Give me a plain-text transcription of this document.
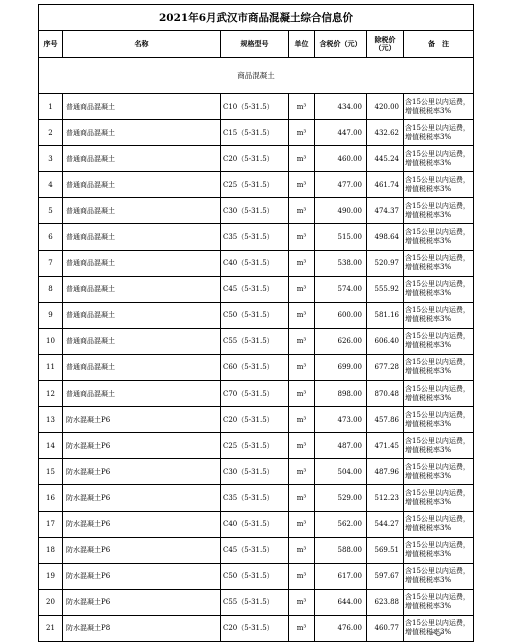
2021年6月武汉市商品混凝土综合信息价						
序号	名称	规格型号	单位	含税价（元）	除税价（元）	备　注
商品混凝土						
1	普通商品混凝土	C10（5-31.5）	m³	434.00	420.00	含15公里以内运费，增值税税率3%
2	普通商品混凝土	C15（5-31.5）	m³	447.00	432.62	含15公里以内运费，增值税税率3%
3	普通商品混凝土	C20（5-31.5）	m³	460.00	445.24	含15公里以内运费，增值税税率3%
4	普通商品混凝土	C25（5-31.5）	m³	477.00	461.74	含15公里以内运费，增值税税率3%
5	普通商品混凝土	C30（5-31.5）	m³	490.00	474.37	含15公里以内运费，增值税税率3%
6	普通商品混凝土	C35（5-31.5）	m³	515.00	498.64	含15公里以内运费，增值税税率3%
7	普通商品混凝土	C40（5-31.5）	m³	538.00	520.97	含15公里以内运费，增值税税率3%
8	普通商品混凝土	C45（5-31.5）	m³	574.00	555.92	含15公里以内运费，增值税税率3%
9	普通商品混凝土	C50（5-31.5）	m³	600.00	581.16	含15公里以内运费，增值税税率3%
10	普通商品混凝土	C55（5-31.5）	m³	626.00	606.40	含15公里以内运费，增值税税率3%
11	普通商品混凝土	C60（5-31.5）	m³	699.00	677.28	含15公里以内运费，增值税税率3%
12	普通商品混凝土	C70（5-31.5）	m³	898.00	870.48	含15公里以内运费，增值税税率3%
13	防水混凝土P6	C20（5-31.5）	m³	473.00	457.86	含15公里以内运费，增值税税率3%
14	防水混凝土P6	C25（5-31.5）	m³	487.00	471.45	含15公里以内运费，增值税税率3%
15	防水混凝土P6	C30（5-31.5）	m³	504.00	487.96	含15公里以内运费，增值税税率3%
16	防水混凝土P6	C35（5-31.5）	m³	529.00	512.23	含15公里以内运费，增值税税率3%
17	防水混凝土P6	C40（5-31.5）	m³	562.00	544.27	含15公里以内运费，增值税税率3%
18	防水混凝土P6	C45（5-31.5）	m³	588.00	569.51	含15公里以内运费，增值税税率3%
19	防水混凝土P6	C50（5-31.5）	m³	617.00	597.67	含15公里以内运费，增值税税率3%
20	防水混凝土P6	C55（5-31.5）	m³	644.00	623.88	含15公里以内运费，增值税税率3%
21	防水混凝土P8	C20（5-31.5）	m³	476.00	460.77	含15公里以内运费，增值税税率3%
